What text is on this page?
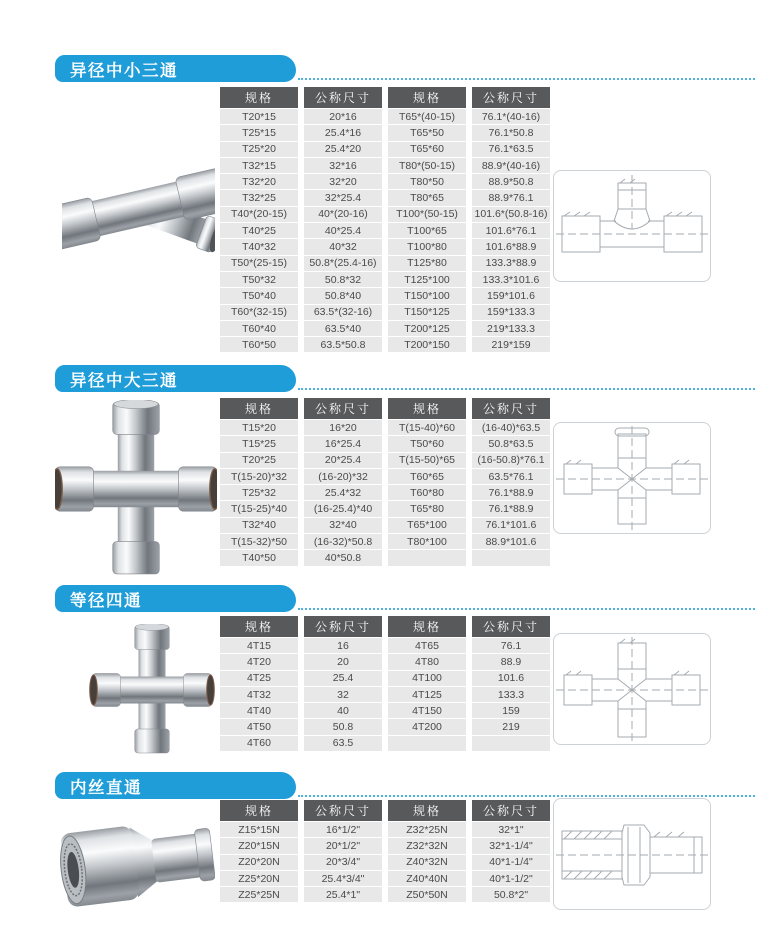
异径中小三通
规格	公称尺寸	规格	公称尺寸
T20*15	20*16	T65*(40-15)	76.1*(40-16)
T25*15	25.4*16	T65*50	76.1*50.8
T25*20	25.4*20	T65*60	76.1*63.5
T32*15	32*16	T80*(50-15)	88.9*(40-16)
T32*20	32*20	T80*50	88.9*50.8
T32*25	32*25.4	T80*65	88.9*76.1
T40*(20-15)	40*(20-16)	T100*(50-15)	101.6*(50.8-16)
T40*25	40*25.4	T100*65	101.6*76.1
T40*32	40*32	T100*80	101.6*88.9
T50*(25-15)	50.8*(25.4-16)	T125*80	133.3*88.9
T50*32	50.8*32	T125*100	133.3*101.6
T50*40	50.8*40	T150*100	159*101.6
T60*(32-15)	63.5*(32-16)	T150*125	159*133.3
T60*40	63.5*40	T200*125	219*133.3
T60*50	63.5*50.8	T200*150	219*159
异径中大三通
规格	公称尺寸	规格	公称尺寸
T15*20	16*20	T(15-40)*60	(16-40)*63.5
T15*25	16*25.4	T50*60	50.8*63.5
T20*25	20*25.4	T(15-50)*65	(16-50.8)*76.1
T(15-20)*32	(16-20)*32	T60*65	63.5*76.1
T25*32	25.4*32	T60*80	76.1*88.9
T(15-25)*40	(16-25.4)*40	T65*80	76.1*88.9
T32*40	32*40	T65*100	76.1*101.6
T(15-32)*50	(16-32)*50.8	T80*100	88.9*101.6
T40*50	40*50.8
等径四通
规格	公称尺寸	规格	公称尺寸
4T15	16	4T65	76.1
4T20	20	4T80	88.9
4T25	25.4	4T100	101.6
4T32	32	4T125	133.3
4T40	40	4T150	159
4T50	50.8	4T200	219
4T60	63.5
内丝直通
规格	公称尺寸	规格	公称尺寸
Z15*15N	16*1/2"	Z32*25N	32*1"
Z20*15N	20*1/2"	Z32*32N	32*1-1/4"
Z20*20N	20*3/4"	Z40*32N	40*1-1/4"
Z25*20N	25.4*3/4"	Z40*40N	40*1-1/2"
Z25*25N	25.4*1"	Z50*50N	50.8*2"
